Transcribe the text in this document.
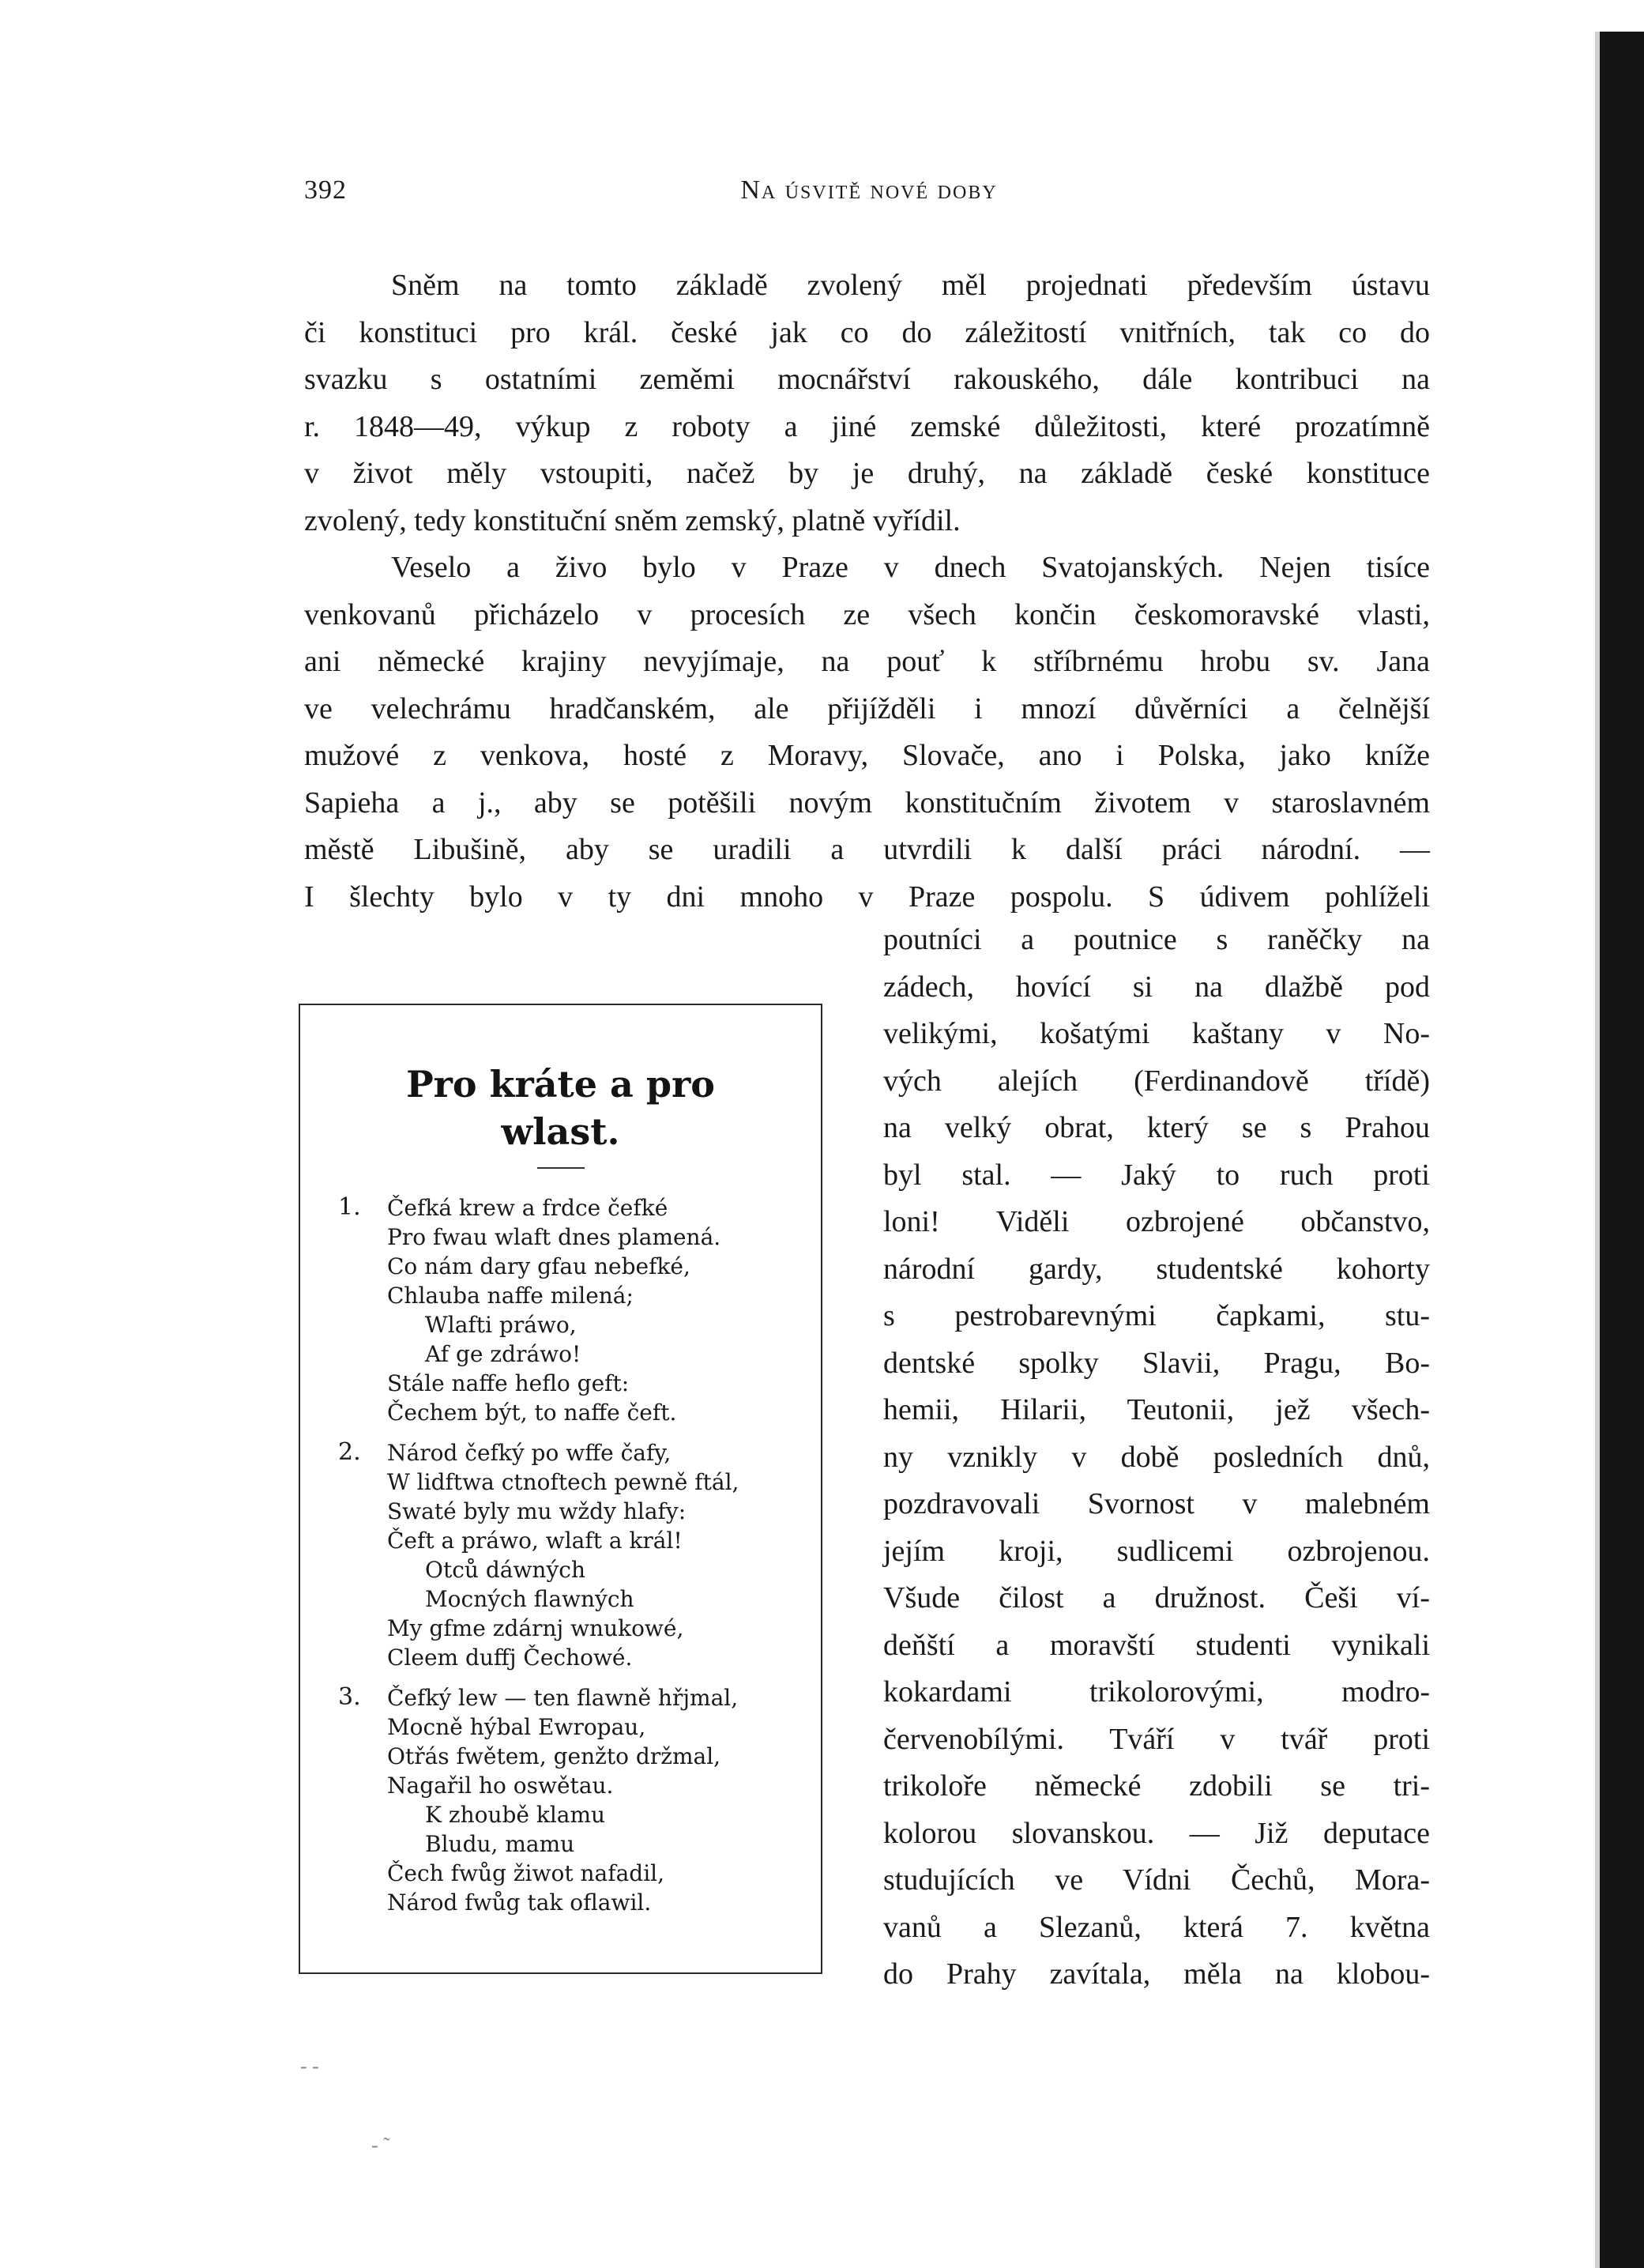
392	Na úsvitě nové doby
Sněm na tomto základě zvolený měl projednati především ústavu
či konstituci pro král. české jak co do záležitostí vnitřních, tak co do
svazku s ostatními zeměmi mocnářství rakouského, dále kontribuci na
r. 1848—49, výkup z roboty a jiné zemské důležitosti, které prozatímně
v život měly vstoupiti, načež by je druhý, na základě české konstituce
zvolený, tedy konstituční sněm zemský, platně vyřídil.
Veselo a živo bylo v Praze v dnech Svatojanských. Nejen tisíce
venkovanů přicházelo v procesích ze všech končin českomoravské vlasti,
ani německé krajiny nevyjímaje, na pouť k stříbrnému hrobu sv. Jana
ve velechrámu hradčanském, ale přijížděli i mnozí důvěrníci a čelnější
mužové z venkova, hosté z Moravy, Slovače, ano i Polska, jako kníže
Sapieha a j., aby se potěšili novým konstitučním životem v staroslavném
městě Libušině, aby se uradili a utvrdili k další práci národní. —
I šlechty bylo v ty dni mnoho v Praze pospolu. S údivem pohlíželi
poutníci a poutnice s raněčky na
zádech, hovící si na dlažbě pod
velikými, košatými kaštany v No-
vých alejích (Ferdinandově třídě)
na velký obrat, který se s Prahou
byl stal. — Jaký to ruch proti
loni! Viděli ozbrojené občanstvo,
národní gardy, studentské kohorty
s pestrobarevnými čapkami, stu-
dentské spolky Slavii, Pragu, Bo-
hemii, Hilarii, Teutonii, jež všech-
ny vznikly v době posledních dnů,
pozdravovali Svornost v malebném
jejím kroji, sudlicemi ozbrojenou.
Všude čilost a družnost. Češi ví-
deňští a moravští studenti vynikali
kokardami trikolorovými, modro-
červenobílými. Tváří v tvář proti
trikoloře německé zdobili se tri-
kolorou slovanskou. — Již deputace
studujících ve Vídni Čechů, Mora-
vanů a Slezanů, která 7. května
do Prahy zavítala, měla na klobou-
Pro kráte a pro
wlast.
1. Čefká krew a frdce čefké
Pro fwau wlaft dnes plamená.
Co nám dary gfau nebefké,
Chlauba naffe milená;
Wlafti práwo,
Af ge zdráwo!
Stále naffe heflo geft:
Čechem být, to naffe čeft.
2. Národ čefký po wffe čafy,
W lidftwa ctnoftech pewně ftál,
Swaté byly mu wždy hlafy:
Čeft a práwo, wlaft a král!
Otců dáwných
Mocných flawných
My gfme zdárnj wnukowé,
Cleem duffj Čechowé.
3. Čefký lew — ten flawně hřjmal,
Mocně hýbal Ewropau,
Otřás fwětem, genžto držmal,
Nagařil ho oswětau.
K zhoubě klamu
Bludu, mamu
Čech fwůg žiwot nafadil,
Národ fwůg tak oflawil.
- ‑
- ˜
